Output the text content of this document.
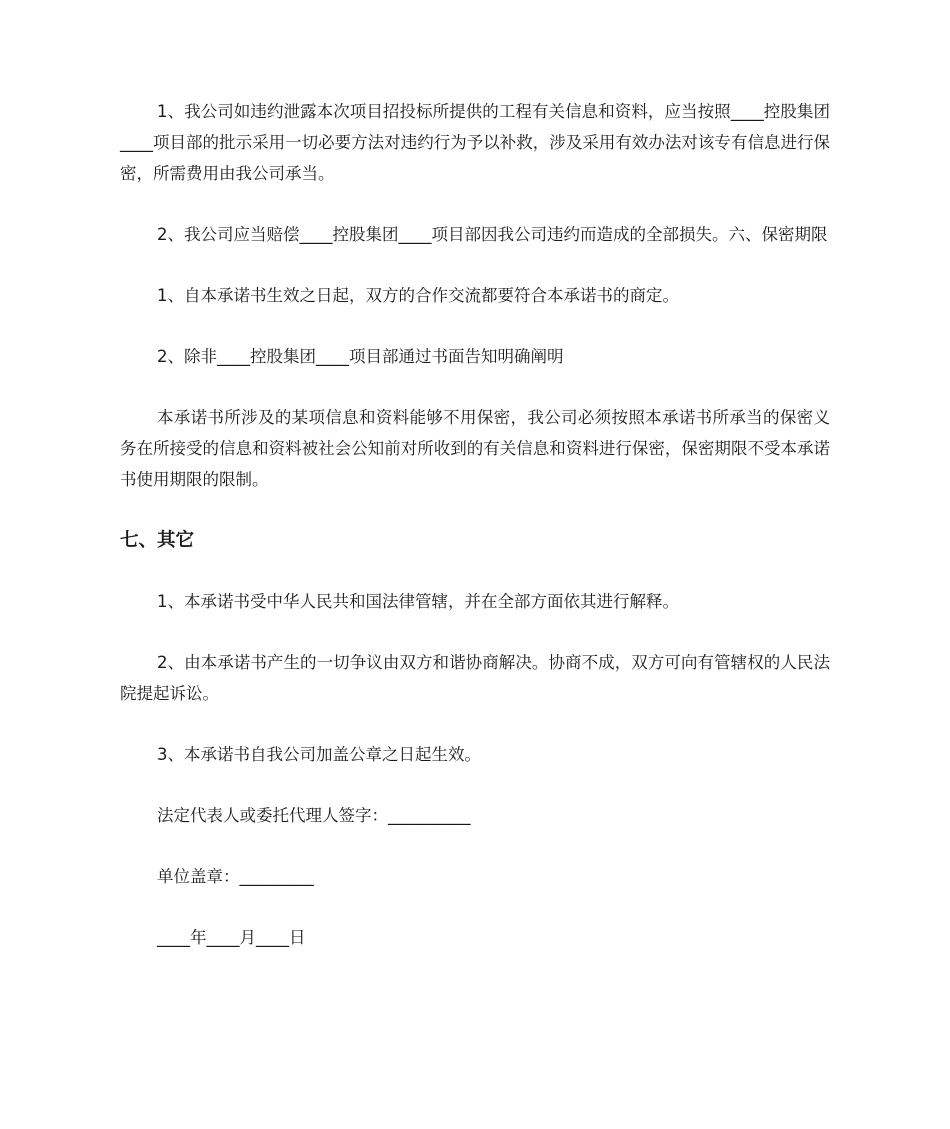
1、我公司如违约泄露本次项目招投标所提供的工程有关信息和资料，应当按照____控股集团____项目部的批示采用一切必要方法对违约行为予以补救，涉及采用有效办法对该专有信息进行保密，所需费用由我公司承当。

2、我公司应当赔偿____控股集团____项目部因我公司违约而造成的全部损失。六、保密期限

1、自本承诺书生效之日起，双方的合作交流都要符合本承诺书的商定。

2、除非____控股集团____项目部通过书面告知明确阐明

本承诺书所涉及的某项信息和资料能够不用保密，我公司必须按照本承诺书所承当的保密义务在所接受的信息和资料被社会公知前对所收到的有关信息和资料进行保密，保密期限不受本承诺书使用期限的限制。

七、其它

1、本承诺书受中华人民共和国法律管辖，并在全部方面依其进行解释。

2、由本承诺书产生的一切争议由双方和谐协商解决。协商不成，双方可向有管辖权的人民法院提起诉讼。

3、本承诺书自我公司加盖公章之日起生效。

法定代表人或委托代理人签字：__________

单位盖章：_________

____年____月____日
